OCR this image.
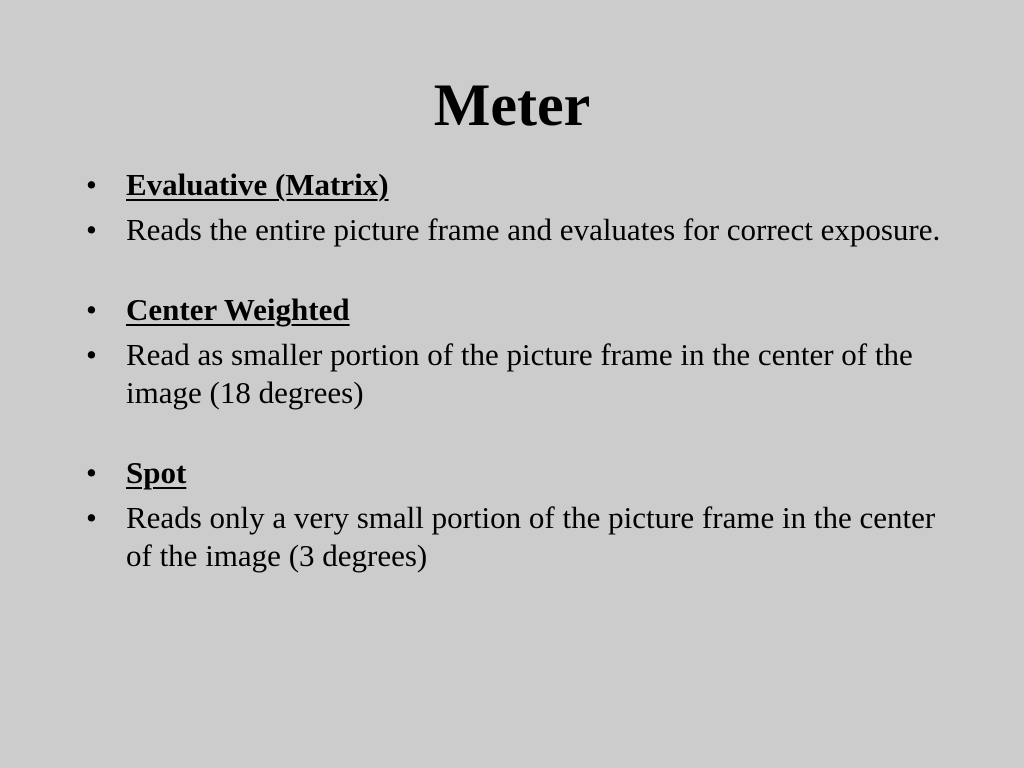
Meter
• Evaluative (Matrix)
• Reads the entire picture frame and evaluates for correct exposure.
• Center Weighted
• Read as smaller portion of the picture frame in the center of the image (18 degrees)
• Spot
• Reads only a very small portion of the picture frame in the center of the image (3 degrees)
